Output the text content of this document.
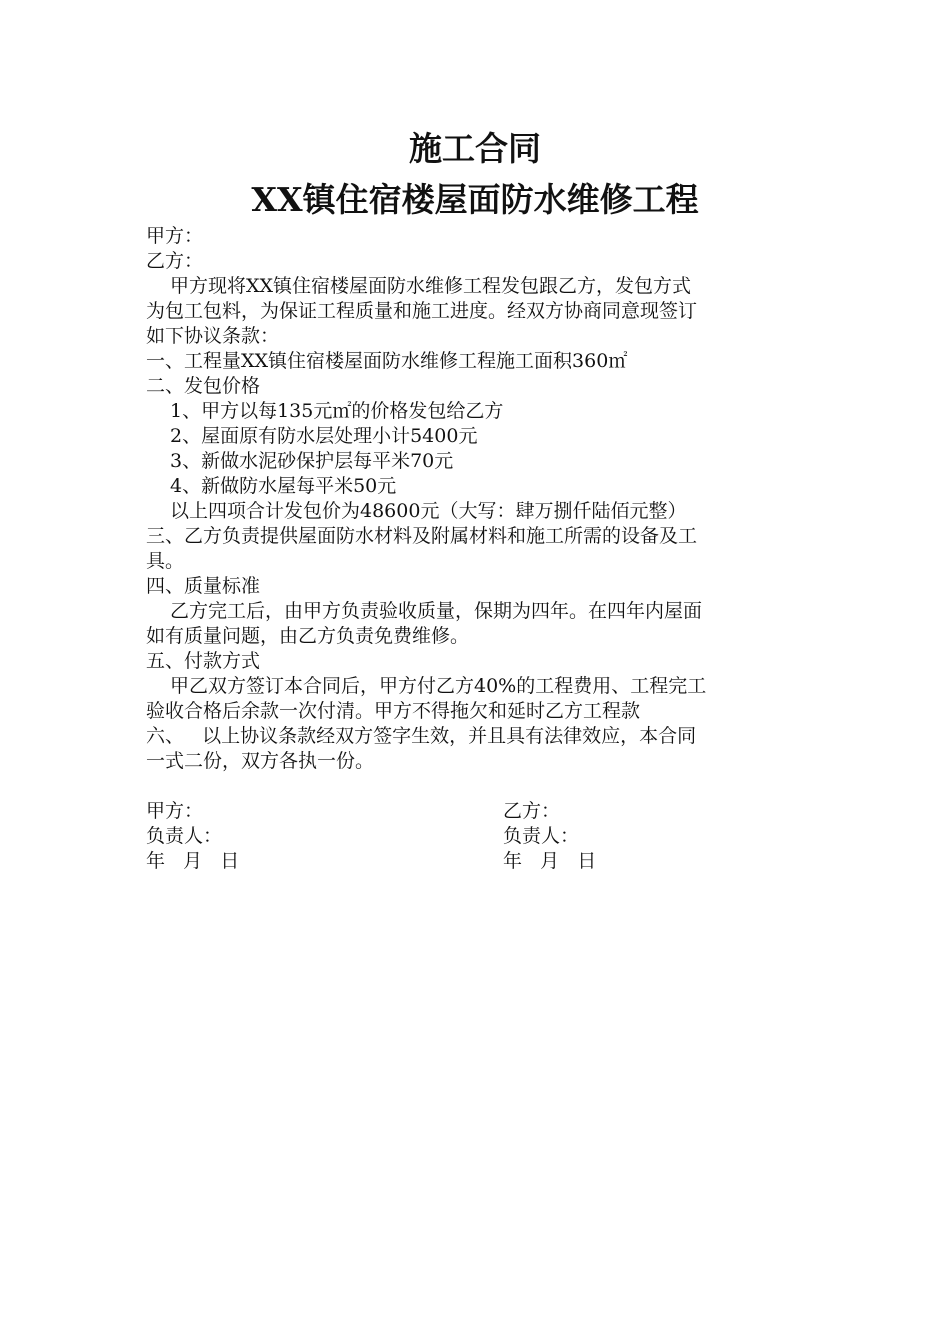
施工合同
XX镇住宿楼屋面防水维修工程

甲方：

乙方：

甲方现将XX镇住宿楼屋面防水维修工程发包跟乙方，发包方式

为包工包料，为保证工程质量和施工进度。经双方协商同意现签订

如下协议条款：

一、工程量XX镇住宿楼屋面防水维修工程施工面积360㎡

二、发包价格

1、甲方以每135元㎡的价格发包给乙方

2、屋面原有防水层处理小计5400元

3、新做水泥砂保护层每平米70元

4、新做防水屋每平米50元

以上四项合计发包价为48600元（大写：肆万捌仟陆佰元整）

三、乙方负责提供屋面防水材料及附属材料和施工所需的设备及工

具。

四、质量标准

乙方完工后，由甲方负责验收质量，保期为四年。在四年内屋面

如有质量问题，由乙方负责免费维修。

五、付款方式

甲乙双方签订本合同后，甲方付乙方40%的工程费用、工程完工

验收合格后余款一次付清。甲方不得拖欠和延时乙方工程款

六、   以上协议条款经双方签字生效，并且具有法律效应，本合同

一式二份，双方各执一份。

甲方：	乙方：
负责人：	负责人：
年   月   日	年   月   日
